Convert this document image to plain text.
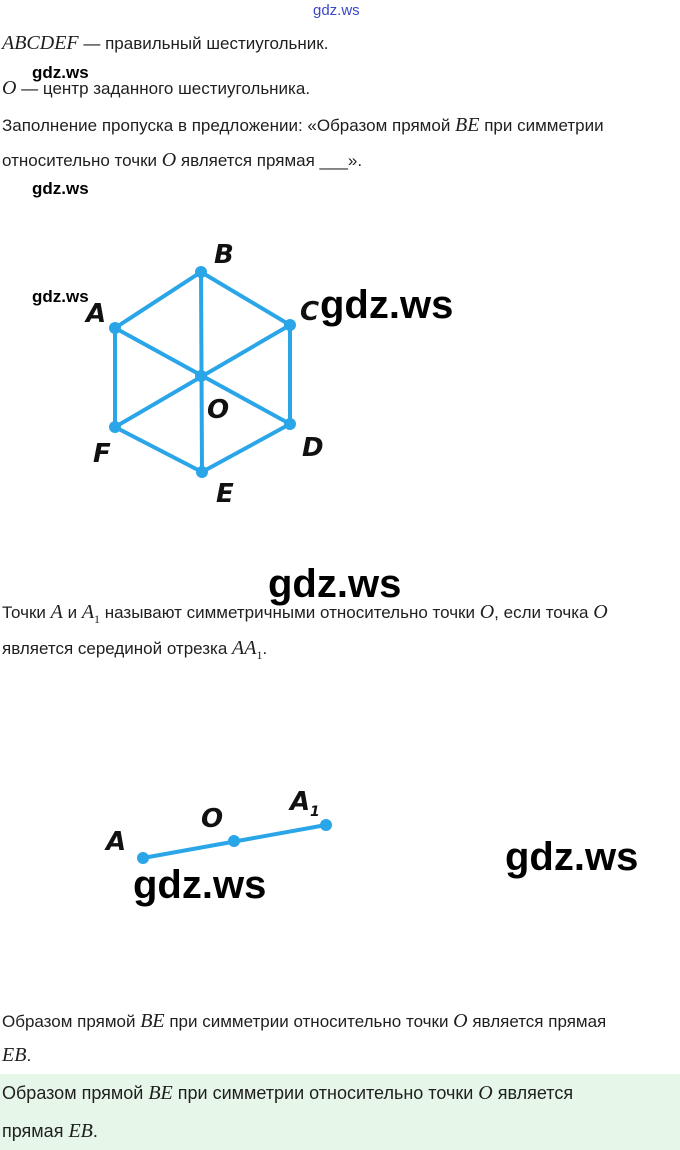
gdz.ws
ABCDEF — правильный шестиугольник.
gdz.ws
O — центр заданного шестиугольника.
Заполнение пропуска в предложении: «Образом прямой BE при симметрии
относительно точки O является прямая ___».
gdz.ws
B
C
D
E
F
A
O
gdz.ws	gdz.ws
gdz.ws
Точки A и $A_1$ называют симметричными относительно точки O, если точка O
является серединой отрезка $AA_1$.
A
O
A 1
gdz.ws
gdz.ws
Образом прямой BE при симметрии относительно точки O является прямая
EB.
Образом прямой BE при симметрии относительно точки O является
прямая EB.
